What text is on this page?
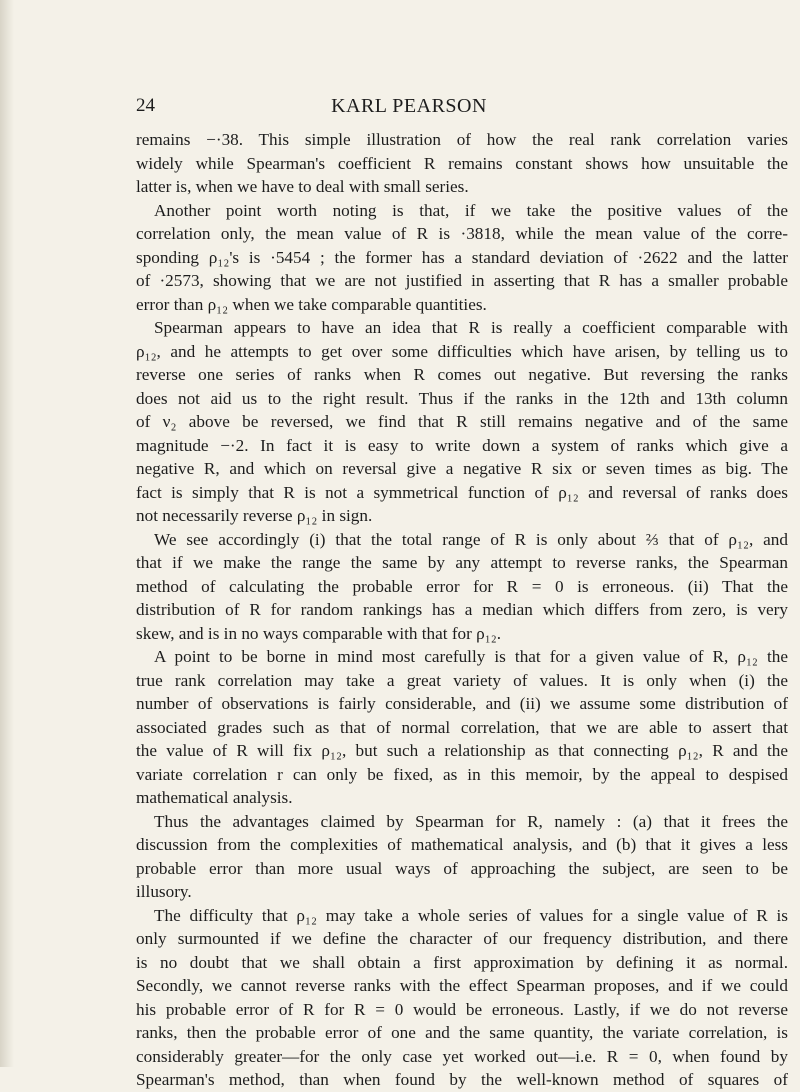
24	KARL PEARSON
remains −·38. This simple illustration of how the real rank correlation varies
widely while Spearman's coefficient R remains constant shows how unsuitable the
latter is, when we have to deal with small series.
Another point worth noting is that, if we take the positive values of the
correlation only, the mean value of R is ·3818, while the mean value of the corre-
sponding ρ₁₂'s is ·5454 ; the former has a standard deviation of ·2622 and the latter
of ·2573, showing that we are not justified in asserting that R has a smaller probable
error than ρ₁₂ when we take comparable quantities.
Spearman appears to have an idea that R is really a coefficient comparable with
ρ₁₂, and he attempts to get over some difficulties which have arisen, by telling us to
reverse one series of ranks when R comes out negative. But reversing the ranks
does not aid us to the right result. Thus if the ranks in the 12th and 13th column
of ν₂ above be reversed, we find that R still remains negative and of the same
magnitude −·2. In fact it is easy to write down a system of ranks which give a
negative R, and which on reversal give a negative R six or seven times as big. The
fact is simply that R is not a symmetrical function of ρ₁₂ and reversal of ranks does
not necessarily reverse ρ₁₂ in sign.
We see accordingly (i) that the total range of R is only about ⅔ that of ρ₁₂, and
that if we make the range the same by any attempt to reverse ranks, the Spearman
method of calculating the probable error for R = 0 is erroneous. (ii) That the
distribution of R for random rankings has a median which differs from zero, is very
skew, and is in no ways comparable with that for ρ₁₂.
A point to be borne in mind most carefully is that for a given value of R, ρ₁₂ the
true rank correlation may take a great variety of values. It is only when (i) the
number of observations is fairly considerable, and (ii) we assume some distribution of
associated grades such as that of normal correlation, that we are able to assert that
the value of R will fix ρ₁₂, but such a relationship as that connecting ρ₁₂, R and the
variate correlation r can only be fixed, as in this memoir, by the appeal to despised
mathematical analysis.
Thus the advantages claimed by Spearman for R, namely : (a) that it frees the
discussion from the complexities of mathematical analysis, and (b) that it gives a less
probable error than more usual ways of approaching the subject, are seen to be
illusory.
The difficulty that ρ₁₂ may take a whole series of values for a single value of R is
only surmounted if we define the character of our frequency distribution, and there
is no doubt that we shall obtain a first approximation by defining it as normal.
Secondly, we cannot reverse ranks with the effect Spearman proposes, and if we could
his probable error of R for R = 0 would be erroneous. Lastly, if we do not reverse
ranks, then the probable error of one and the same quantity, the variate correlation, is
considerably greater—for the only case yet worked out—i.e. R = 0, when found by
Spearman's method, than when found by the well-known method of squares of
